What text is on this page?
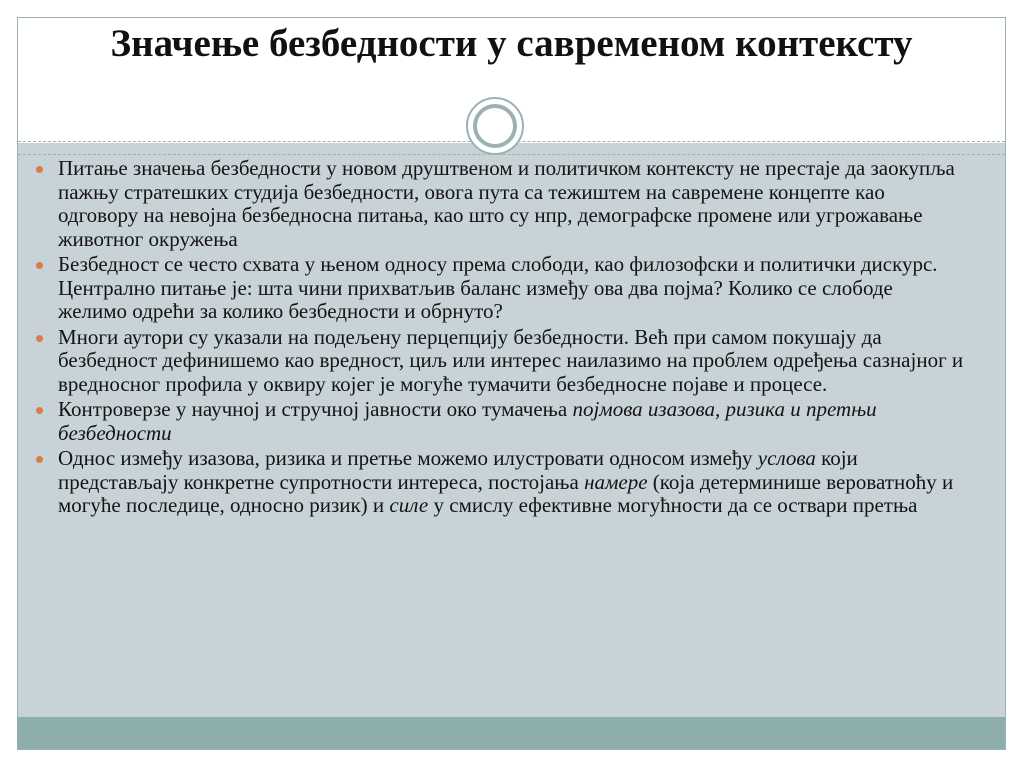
Значење безбедности у савременом контексту
Питање значења безбедности у новом друштвеном и политичком контексту не престаје да заокупља пажњу стратешких студија безбедности, овога пута са тежиштем на савремене концепте као одговору на невојна безбедносна питања, као што су нпр, демографске промене или угрожавање животног окружења
Безбедност се често схвата у њеном односу према слободи, као филозофски и политички дискурс. Централно питање је: шта чини прихватљив баланс између ова два појма? Колико се слободе желимо одрећи за колико безбедности и обрнуто?
Многи аутори су указали на подељену перцепцију безбедности. Већ при самом покушају да безбедност дефинишемо као вредност, циљ или интерес наилазимо на проблем одређења сазнајног и вредносног профила у оквиру којег је могуће тумачити безбедносне појаве и процесе.
Контроверзе у научној и стручној јавности око тумачења појмова изазова, ризика и претњи безбедности
Однос између изазова, ризика и претње можемо илустровати односом између услова који представљају конкретне супротности интереса, постојања намере (која детерминише вероватноћу и могуће последице, односно ризик) и силе у смислу ефективне могућности да се оствари претња
